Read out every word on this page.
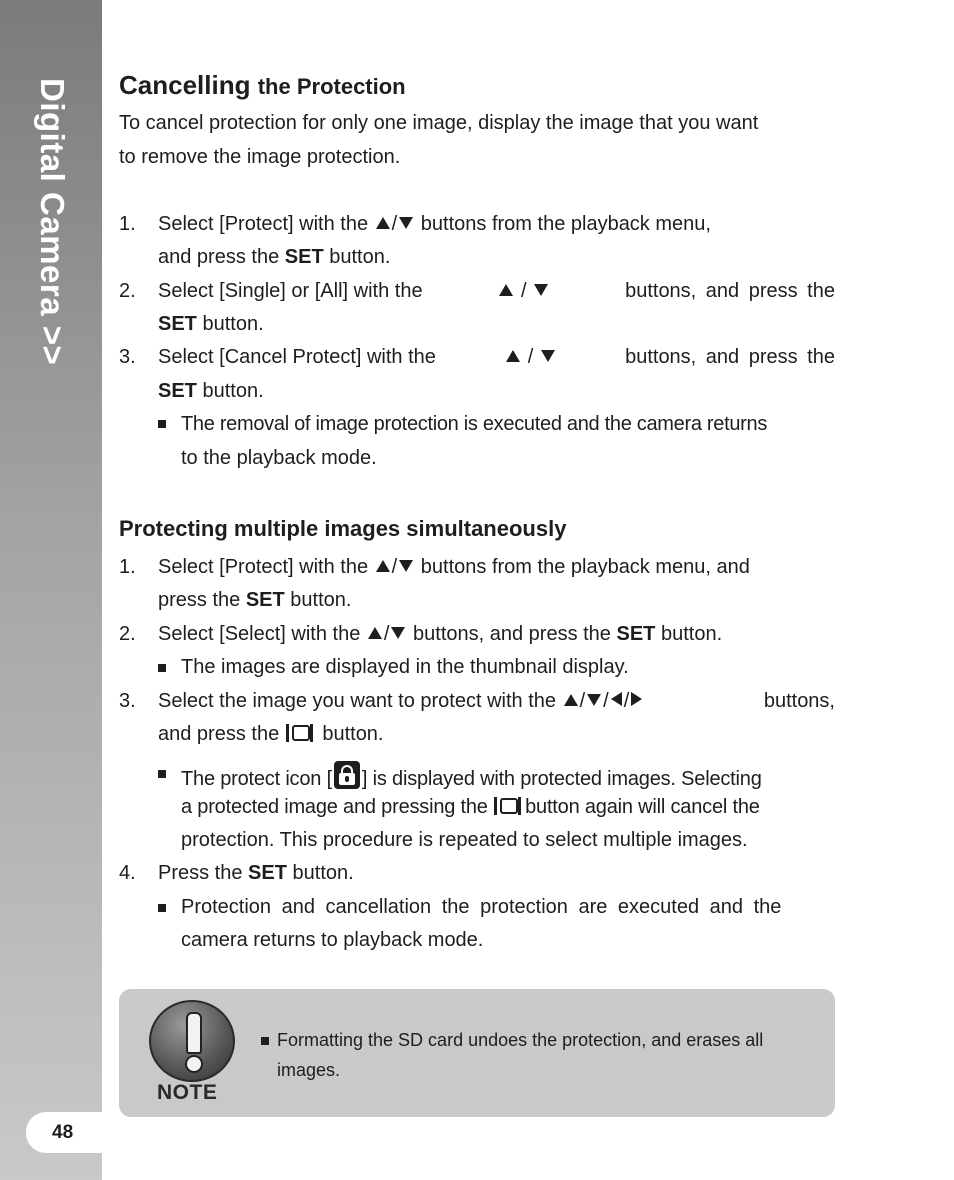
Digital Camera >>
48
Cancelling the Protection
To cancel protection for only one image, display the image that you want
to remove the image protection.
1. Select [Protect] with the / buttons from the playback menu,
and press the SET button.
2. Select [Single] or [All] with the	/	buttons, and press the
SET button.
3. Select [Cancel Protect] with the	/	buttons, and press the
SET button.
The removal of image protection is executed and the camera returns
to the playback mode.
Protecting multiple images simultaneously
1. Select [Protect] with the / buttons from the playback menu, and
press the SET button.
2. Select [Select] with the / buttons, and press the SET button.
The images are displayed in the thumbnail display.
3. Select the image you want to protect with the / / /	buttons,
and press the button.
The protect icon [ ] is displayed with protected images. Selecting
a protected image and pressing the button again will cancel the
protection. This procedure is repeated to select multiple images.
4. Press the SET button.
Protection and cancellation the protection are executed and the
camera returns to playback mode.
NOTE
Formatting the SD card undoes the protection, and erases all images.
